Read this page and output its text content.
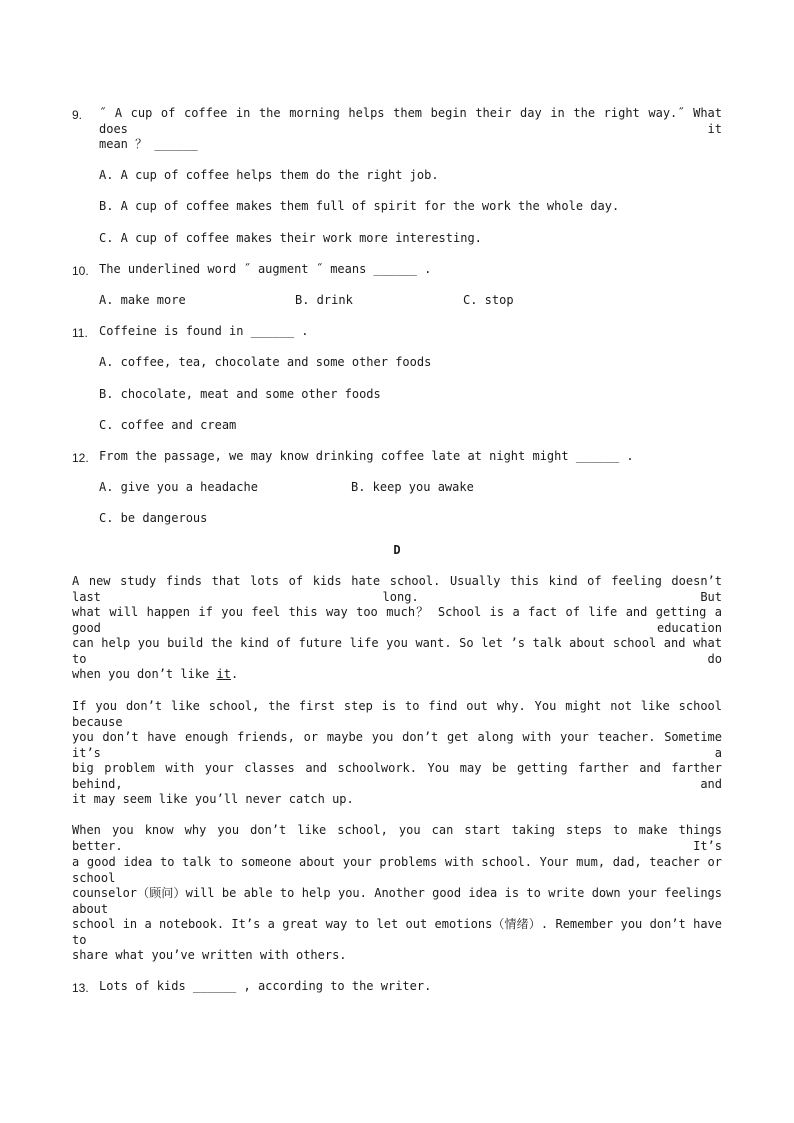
9. ˝ A cup of coffee in the morning helps them begin their day in the right way.˝ What does it
mean ？ ______
A. A cup of coffee helps them do the right job.
B. A cup of coffee makes them full of spirit for the work the whole day.
C. A cup of coffee makes their work more interesting.
10. The underlined word ˝ augment ˝ means ______ .
A. make more	B. drink	C. stop
11. Coffeine is found in ______ .
A. coffee, tea, chocolate and some other foods
B. chocolate, meat and some other foods
C. coffee and cream
12. From the passage, we may know drinking coffee late at night might ______ .
A. give you a headache	B. keep you awake
C. be dangerous
D
A new study finds that lots of kids hate school. Usually this kind of feeling doesn’t last long. But
what will happen if you feel this way too much？ School is a fact of life and getting a good education
can help you build the kind of future life you want. So let ’s talk about school and what to do
when you don’t like it.
If you don’t like school, the first step is to find out why. You might not like school because
you don’t have enough friends, or maybe you don’t get along with your teacher. Sometime it’s a
big problem with your classes and schoolwork. You may be getting farther and farther behind, and
it may seem like you’ll never catch up.
When you know why you don’t like school, you can start taking steps to make things better. It’s
a good idea to talk to someone about your problems with school. Your mum, dad, teacher or school
counselor（顾问）will be able to help you. Another good idea is to write down your feelings about
school in a notebook. It’s a great way to let out emotions（情绪）. Remember you don’t have to
share what you’ve written with others.
13. Lots of kids ______ , according to the writer.
